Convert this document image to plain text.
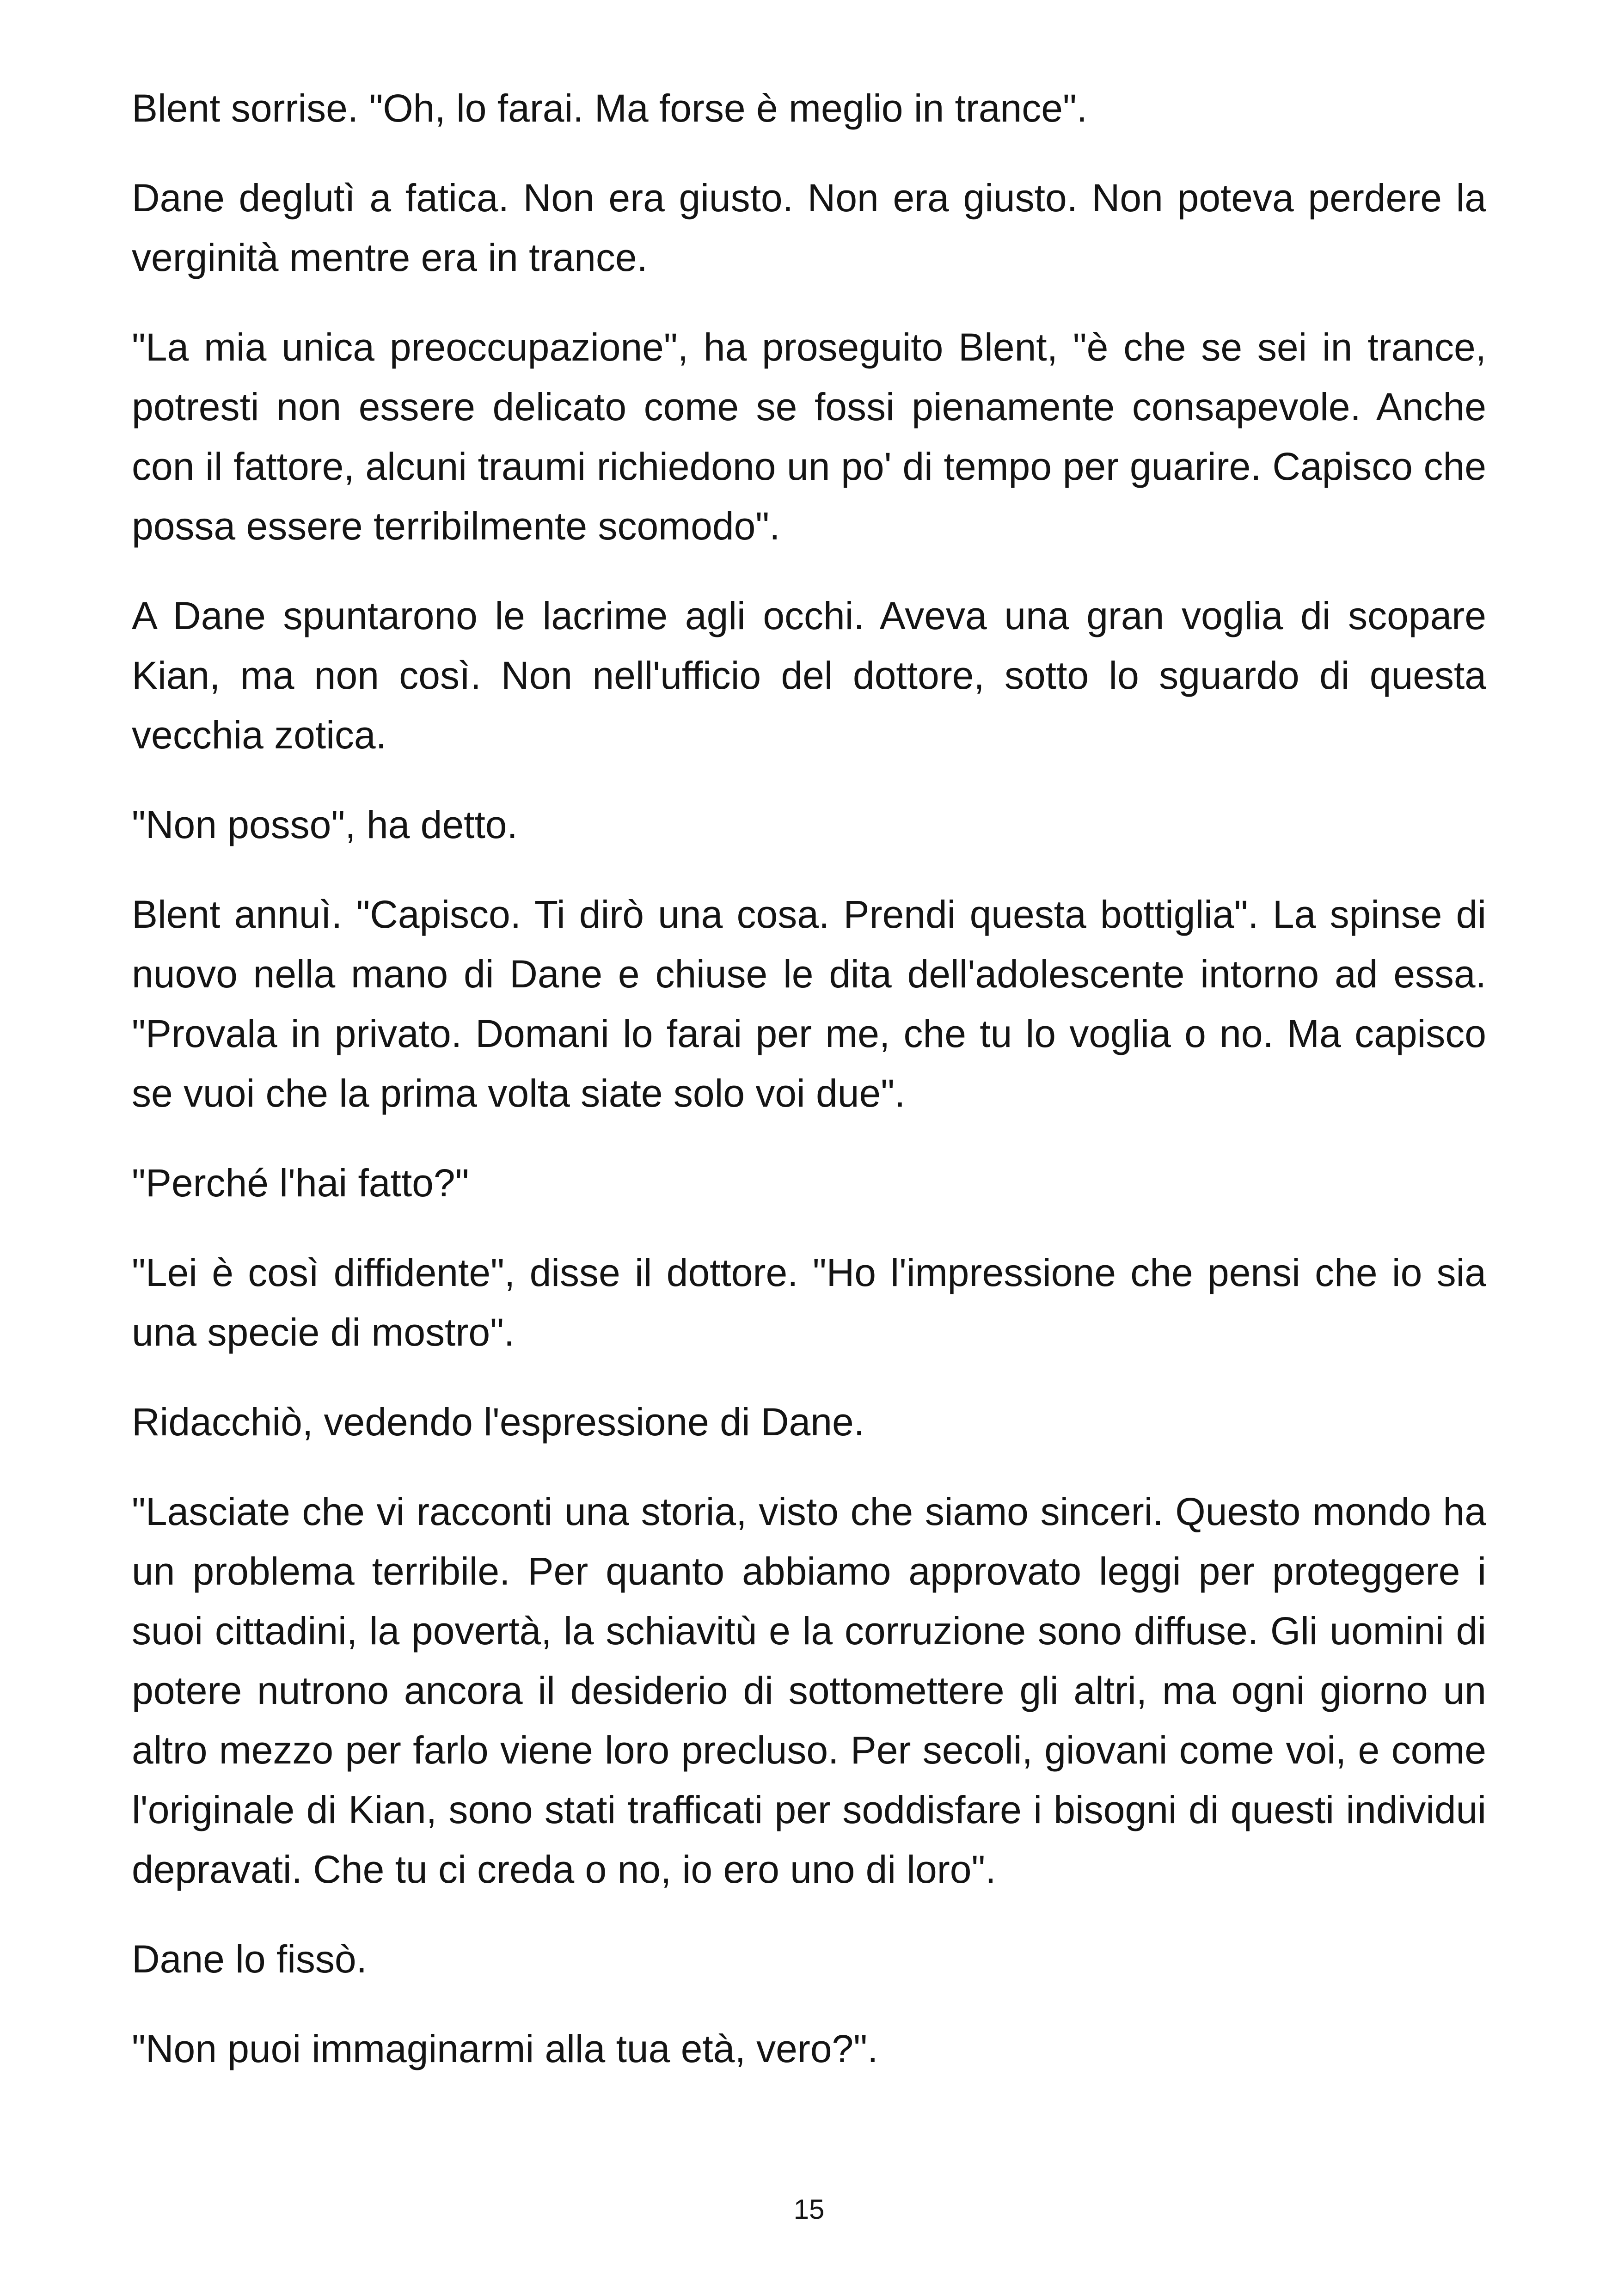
Blent sorrise. "Oh, lo farai. Ma forse è meglio in trance".

Dane deglutì a fatica. Non era giusto. Non era giusto. Non poteva perdere la verginità mentre era in trance.

"La mia unica preoccupazione", ha proseguito Blent, "è che se sei in trance, potresti non essere delicato come se fossi pienamente consapevole. Anche con il fattore, alcuni traumi richiedono un po' di tempo per guarire. Capisco che possa essere terribilmente scomodo".

A Dane spuntarono le lacrime agli occhi. Aveva una gran voglia di scopare Kian, ma non così. Non nell'ufficio del dottore, sotto lo sguardo di questa vecchia zotica.

"Non posso", ha detto.

Blent annuì. "Capisco. Ti dirò una cosa. Prendi questa bottiglia". La spinse di nuovo nella mano di Dane e chiuse le dita dell'adolescente intorno ad essa. "Provala in privato. Domani lo farai per me, che tu lo voglia o no. Ma capisco se vuoi che la prima volta siate solo voi due".

"Perché l'hai fatto?"

"Lei è così diffidente", disse il dottore. "Ho l'impressione che pensi che io sia una specie di mostro".

Ridacchiò, vedendo l'espressione di Dane.

"Lasciate che vi racconti una storia, visto che siamo sinceri. Questo mondo ha un problema terribile. Per quanto abbiamo approvato leggi per proteggere i suoi cittadini, la povertà, la schiavitù e la corruzione sono diffuse. Gli uomini di potere nutrono ancora il desiderio di sottomettere gli altri, ma ogni giorno un altro mezzo per farlo viene loro precluso. Per secoli, giovani come voi, e come l'originale di Kian, sono stati trafficati per soddisfare i bisogni di questi individui depravati. Che tu ci creda o no, io ero uno di loro".

Dane lo fissò.

"Non puoi immaginarmi alla tua età, vero?".

15
